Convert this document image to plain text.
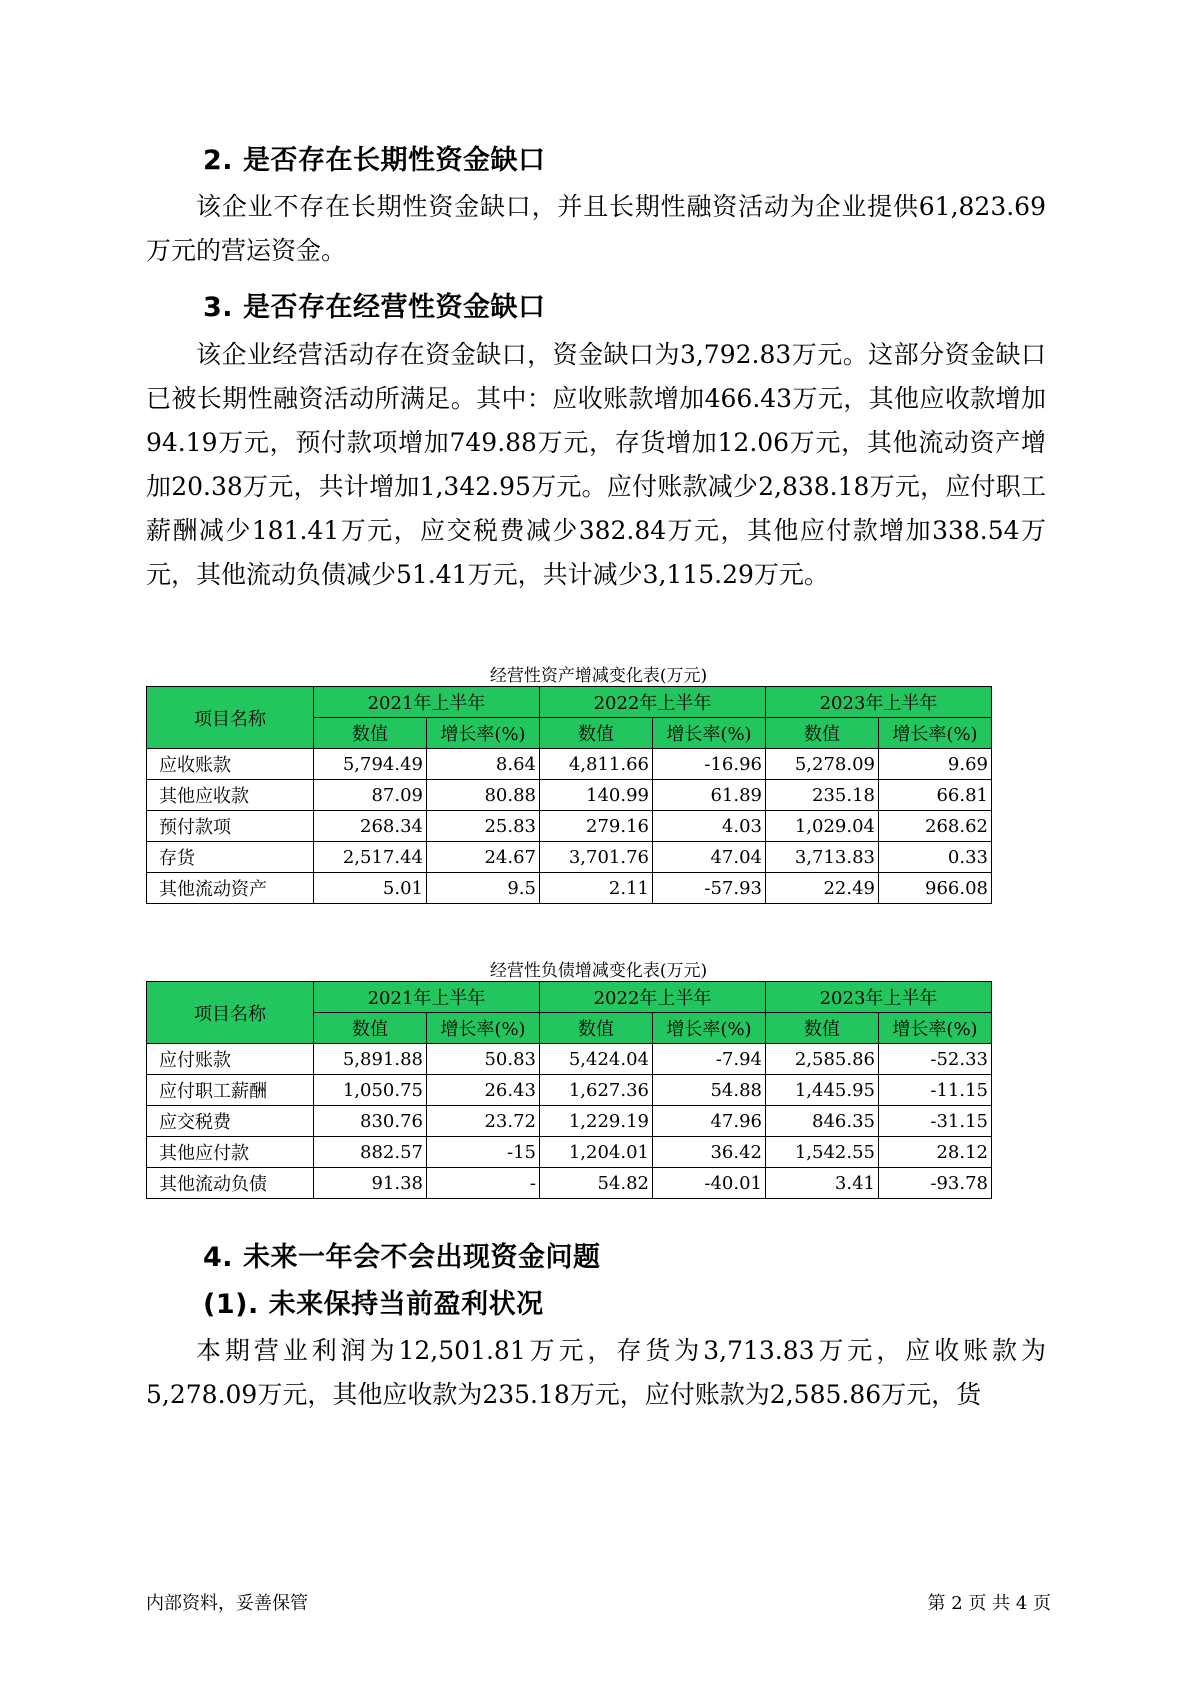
2. 是否存在长期性资金缺口

该企业不存在长期性资金缺口，并且长期性融资活动为企业提供61,823.69万元的营运资金。

3. 是否存在经营性资金缺口

该企业经营活动存在资金缺口，资金缺口为3,792.83万元。这部分资金缺口已被长期性融资活动所满足。其中：应收账款增加466.43万元，其他应收款增加94.19万元，预付款项增加749.88万元，存货增加12.06万元，其他流动资产增加20.38万元，共计增加1,342.95万元。应付账款减少2,838.18万元，应付职工薪酬减少181.41万元，应交税费减少382.84万元，其他应付款增加338.54万元，其他流动负债减少51.41万元，共计减少3,115.29万元。

经营性资产增减变化表(万元)
项目名称	2021年上半年		2022年上半年		2023年上半年	
	数值	增长率(%)	数值	增长率(%)	数值	增长率(%)
应收账款	5,794.49	8.64	4,811.66	-16.96	5,278.09	9.69
其他应收款	87.09	80.88	140.99	61.89	235.18	66.81
预付款项	268.34	25.83	279.16	4.03	1,029.04	268.62
存货	2,517.44	24.67	3,701.76	47.04	3,713.83	0.33
其他流动资产	5.01	9.5	2.11	-57.93	22.49	966.08
经营性负债增减变化表(万元)
项目名称	2021年上半年		2022年上半年		2023年上半年	
	数值	增长率(%)	数值	增长率(%)	数值	增长率(%)
应付账款	5,891.88	50.83	5,424.04	-7.94	2,585.86	-52.33
应付职工薪酬	1,050.75	26.43	1,627.36	54.88	1,445.95	-11.15
应交税费	830.76	23.72	1,229.19	47.96	846.35	-31.15
其他应付款	882.57	-15	1,204.01	36.42	1,542.55	28.12
其他流动负债	91.38	-	54.82	-40.01	3.41	-93.78
4. 未来一年会不会出现资金问题
(1). 未来保持当前盈利状况

本期营业利润为12,501.81万元，存货为3,713.83万元，应收账款为5,278.09万元，其他应收款为235.18万元，应付账款为2,585.86万元，货

内部资料，妥善保管	第 2 页 共 4 页
